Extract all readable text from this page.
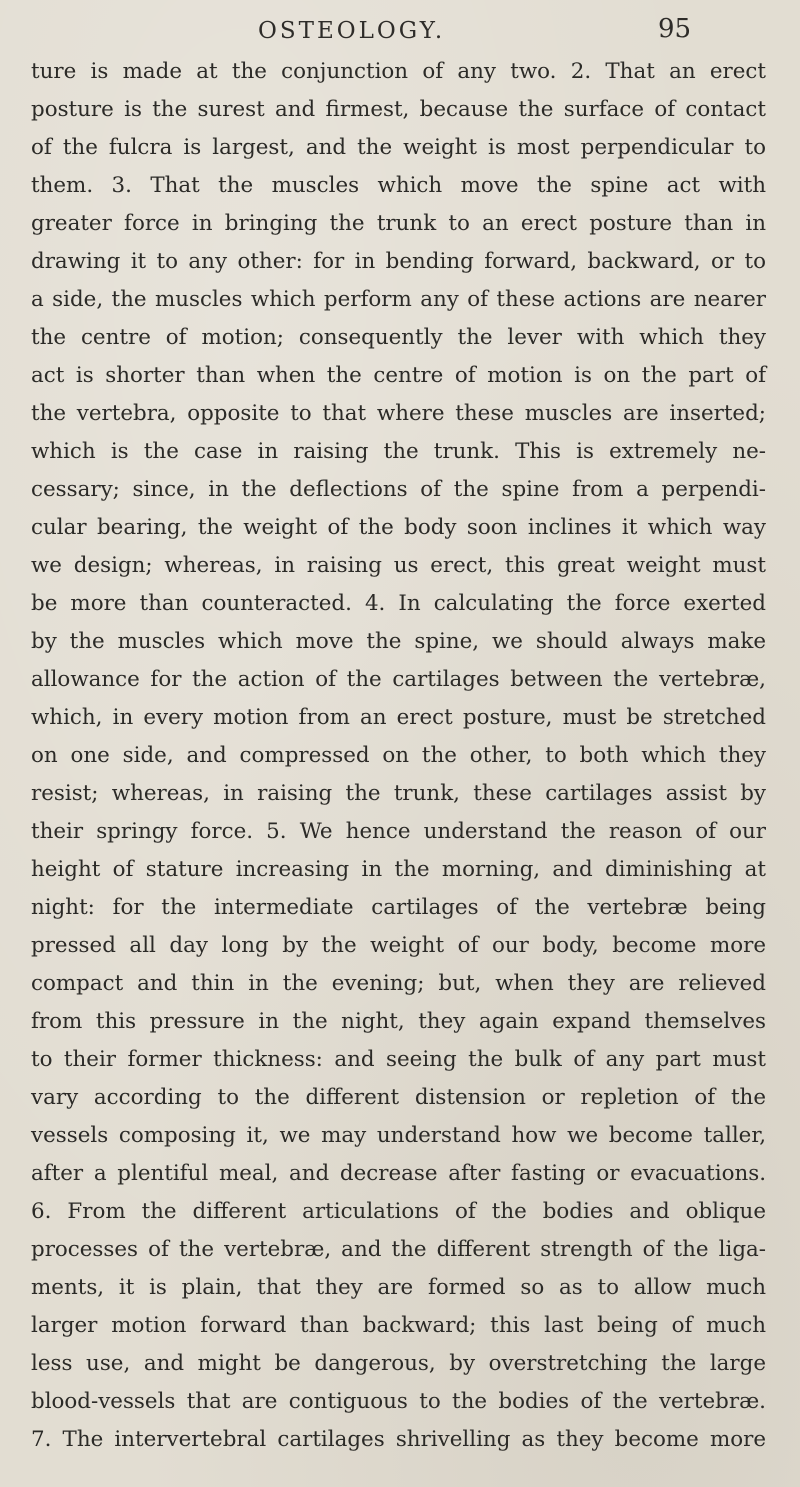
OSTEOLOGY.	95
ture is made at the conjunction of any two. 2. That an erect
posture is the surest and firmest, because the surface of contact
of the fulcra is largest, and the weight is most perpendicular to
them. 3. That the muscles which move the spine act with
greater force in bringing the trunk to an erect posture than in
drawing it to any other: for in bending forward, backward, or to
a side, the muscles which perform any of these actions are nearer
the centre of motion; consequently the lever with which they
act is shorter than when the centre of motion is on the part of
the vertebra, opposite to that where these muscles are inserted;
which is the case in raising the trunk. This is extremely ne-
cessary; since, in the deflections of the spine from a perpendi-
cular bearing, the weight of the body soon inclines it which way
we design; whereas, in raising us erect, this great weight must
be more than counteracted. 4. In calculating the force exerted
by the muscles which move the spine, we should always make
allowance for the action of the cartilages between the vertebræ,
which, in every motion from an erect posture, must be stretched
on one side, and compressed on the other, to both which they
resist; whereas, in raising the trunk, these cartilages assist by
their springy force. 5. We hence understand the reason of our
height of stature increasing in the morning, and diminishing at
night: for the intermediate cartilages of the vertebræ being
pressed all day long by the weight of our body, become more
compact and thin in the evening; but, when they are relieved
from this pressure in the night, they again expand themselves
to their former thickness: and seeing the bulk of any part must
vary according to the different distension or repletion of the
vessels composing it, we may understand how we become taller,
after a plentiful meal, and decrease after fasting or evacuations.
6. From the different articulations of the bodies and oblique
processes of the vertebræ, and the different strength of the liga-
ments, it is plain, that they are formed so as to allow much
larger motion forward than backward; this last being of much
less use, and might be dangerous, by overstretching the large
blood-vessels that are contiguous to the bodies of the vertebræ.
7. The intervertebral cartilages shrivelling as they become more
